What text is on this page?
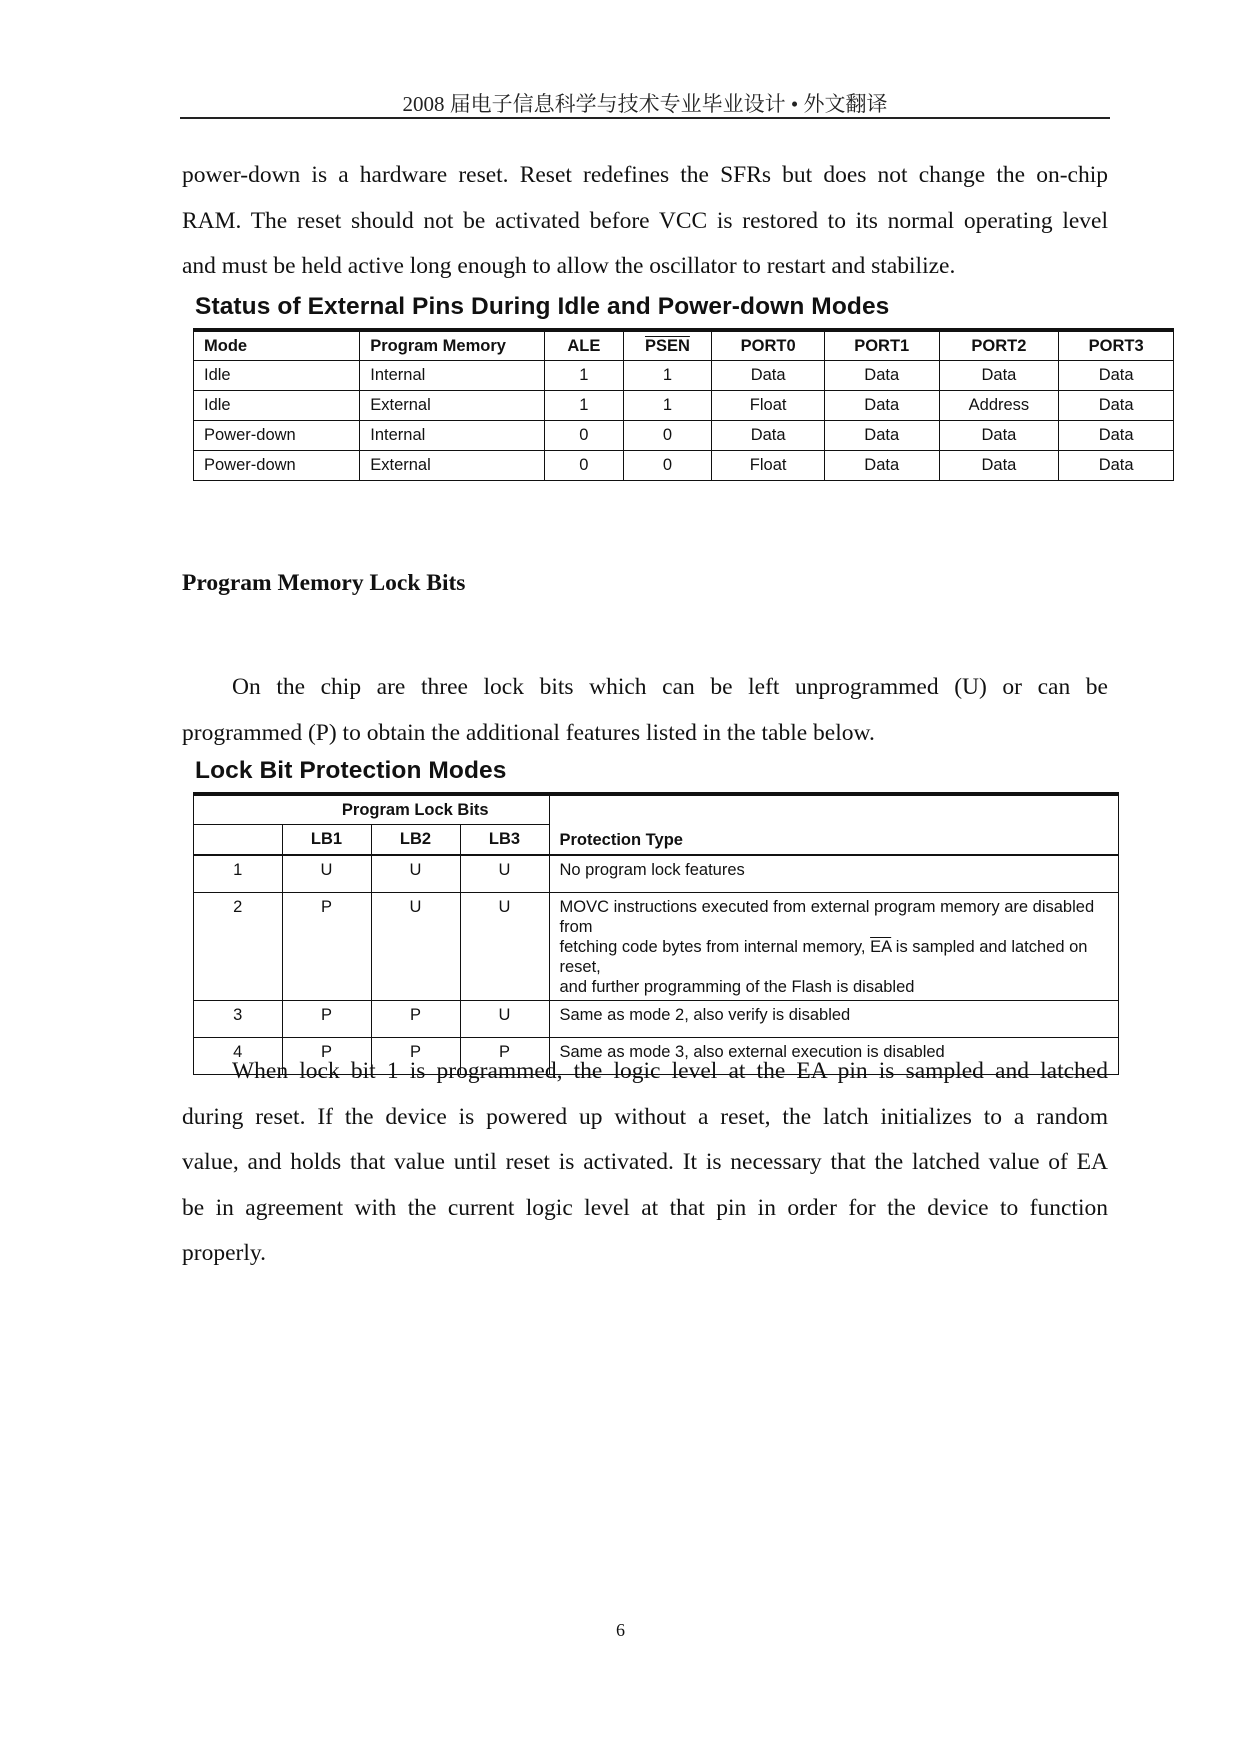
2008 届电子信息科学与技术专业毕业设计 • 外文翻译
power-down is a hardware reset. Reset redefines the SFRs but does not change the on-chip
RAM. The reset should not be activated before VCC is restored to its normal operating level
and must be held active long enough to allow the oscillator to restart and stabilize.
Status of External Pins During Idle and Power-down Modes
Mode	Program Memory	ALE	PSEN	PORT0	PORT1	PORT2	PORT3
Idle	Internal	1	1	Data	Data	Data	Data
Idle	External	1	1	Float	Data	Address	Data
Power-down	Internal	0	0	Data	Data	Data	Data
Power-down	External	0	0	Float	Data	Data	Data
Program Memory Lock Bits
On the chip are three lock bits which can be left unprogrammed (U) or can be
programmed (P) to obtain the additional features listed in the table below.
Lock Bit Protection Modes
	Program Lock Bits			Protection Type
	LB1	LB2	LB3	
1	U	U	U	No program lock features
2	P	U	U	MOVC instructions executed from external program memory are disabled from
fetching code bytes from internal memory, $\overline{EA}$ is sampled and latched on reset,
and further programming of the Flash is disabled
3	P	P	U	Same as mode 2, also verify is disabled
4	P	P	P	Same as mode 3, also external execution is disabled
When lock bit 1 is programmed, the logic level at the EA pin is sampled and latched
during reset. If the device is powered up without a reset, the latch initializes to a random
value, and holds that value until reset is activated. It is necessary that the latched value of EA
be in agreement with the current logic level at that pin in order for the device to function
properly.
6
